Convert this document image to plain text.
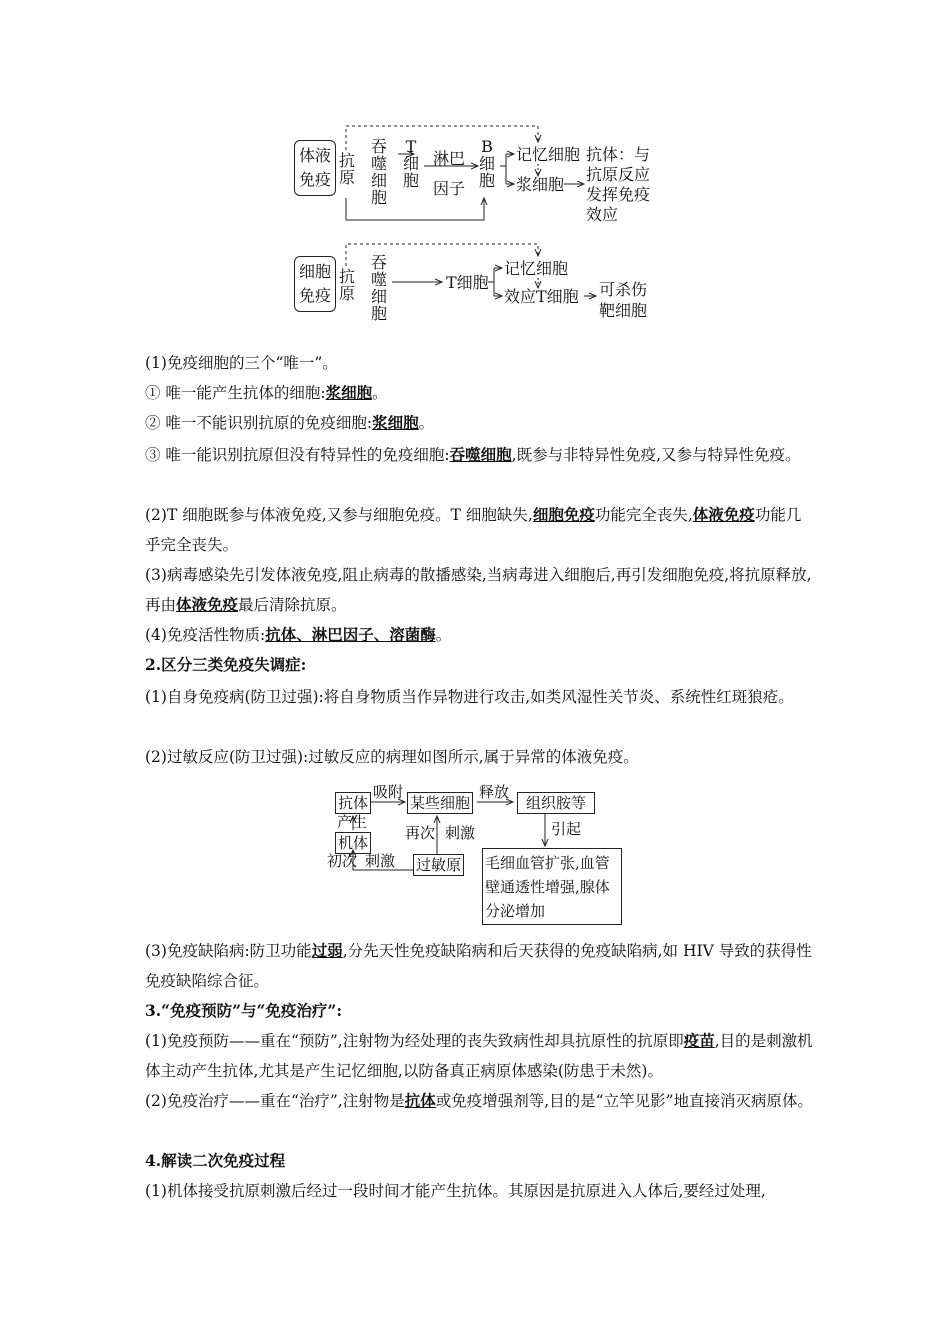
体液免疫
抗原
吞噬细胞
T细胞
淋巴因子
B细胞
记忆细胞
浆细胞
抗体：与
抗原反应
发挥免疫
效应
细胞免疫
抗原
吞噬细胞
T细胞
记忆细胞
效应T细胞 可杀伤
靶细胞

(1)免疫细胞的三个“唯一”。

① 唯一能产生抗体的细胞:浆细胞。

② 唯一不能识别抗原的免疫细胞:浆细胞。

③ 唯一能识别抗原但没有特异性的免疫细胞:吞噬细胞,既参与非特异性免疫,又参与特异性免疫。

(2)T 细胞既参与体液免疫,又参与细胞免疫。T 细胞缺失,细胞免疫功能完全丧失,体液免疫功能几乎完全丧失。

(3)病毒感染先引发体液免疫,阻止病毒的散播感染,当病毒进入细胞后,再引发细胞免疫,将抗原释放,再由体液免疫最后清除抗原。

(4)免疫活性物质:抗体、淋巴因子、溶菌酶。

2.区分三类免疫失调症:

(1)自身免疫病(防卫过强):将自身物质当作异物进行攻击,如类风湿性关节炎、系统性红斑狼疮。

(2)过敏反应(防卫过强):过敏反应的病理如图所示,属于异常的体液免疫。

抗体
产生
机体
初次 刺激
吸附
某些细胞
再次 刺激
过敏原
释放
组织胺等
引起
毛细血管扩张,血管
壁通透性增强,腺体
分泌增加

(3)免疫缺陷病:防卫功能过弱,分先天性免疫缺陷病和后天获得的免疫缺陷病,如 HIV 导致的获得性免疫缺陷综合征。

3.“免疫预防”与“免疫治疗”:

(1)免疫预防——重在“预防”,注射物为经处理的丧失致病性却具抗原性的抗原即疫苗,目的是刺激机体主动产生抗体,尤其是产生记忆细胞,以防备真正病原体感染(防患于未然)。

(2)免疫治疗——重在“治疗”,注射物是抗体或免疫增强剂等,目的是“立竿见影”地直接消灭病原体。

4.解读二次免疫过程

(1)机体接受抗原刺激后经过一段时间才能产生抗体。其原因是抗原进入人体后,要经过处理,
